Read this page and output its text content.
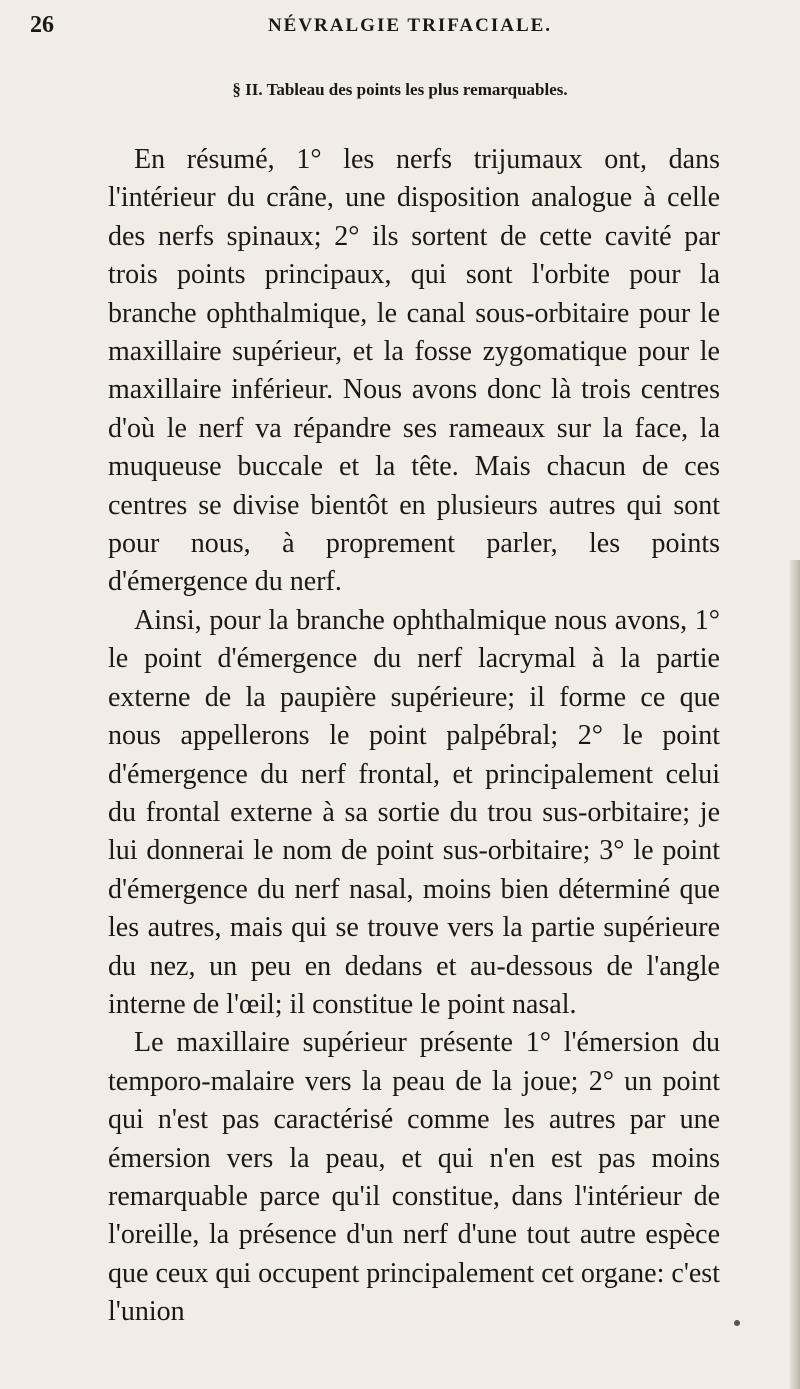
26	NÉVRALGIE TRIFACIALE.
§ II. Tableau des points les plus remarquables.

En résumé, 1° les nerfs trijumaux ont, dans l'intérieur du crâne, une disposition analogue à celle des nerfs spinaux; 2° ils sortent de cette cavité par trois points principaux, qui sont l'orbite pour la branche ophthalmique, le canal sous-orbitaire pour le maxillaire supérieur, et la fosse zygomatique pour le maxillaire inférieur. Nous avons donc là trois centres d'où le nerf va répandre ses rameaux sur la face, la muqueuse buccale et la tête. Mais chacun de ces centres se divise bientôt en plusieurs autres qui sont pour nous, à proprement parler, les points d'émergence du nerf.

Ainsi, pour la branche ophthalmique nous avons, 1° le point d'émergence du nerf lacrymal à la partie externe de la paupière supérieure; il forme ce que nous appellerons le point palpébral; 2° le point d'émergence du nerf frontal, et principalement celui du frontal externe à sa sortie du trou sus-orbitaire; je lui donnerai le nom de point sus-orbitaire; 3° le point d'émergence du nerf nasal, moins bien déterminé que les autres, mais qui se trouve vers la partie supérieure du nez, un peu en dedans et au-dessous de l'angle interne de l'œil; il constitue le point nasal.

Le maxillaire supérieur présente 1° l'émersion du temporo-malaire vers la peau de la joue; 2° un point qui n'est pas caractérisé comme les autres par une émersion vers la peau, et qui n'en est pas moins remarquable parce qu'il constitue, dans l'intérieur de l'oreille, la présence d'un nerf d'une tout autre espèce que ceux qui occupent principalement cet organe: c'est l'union
